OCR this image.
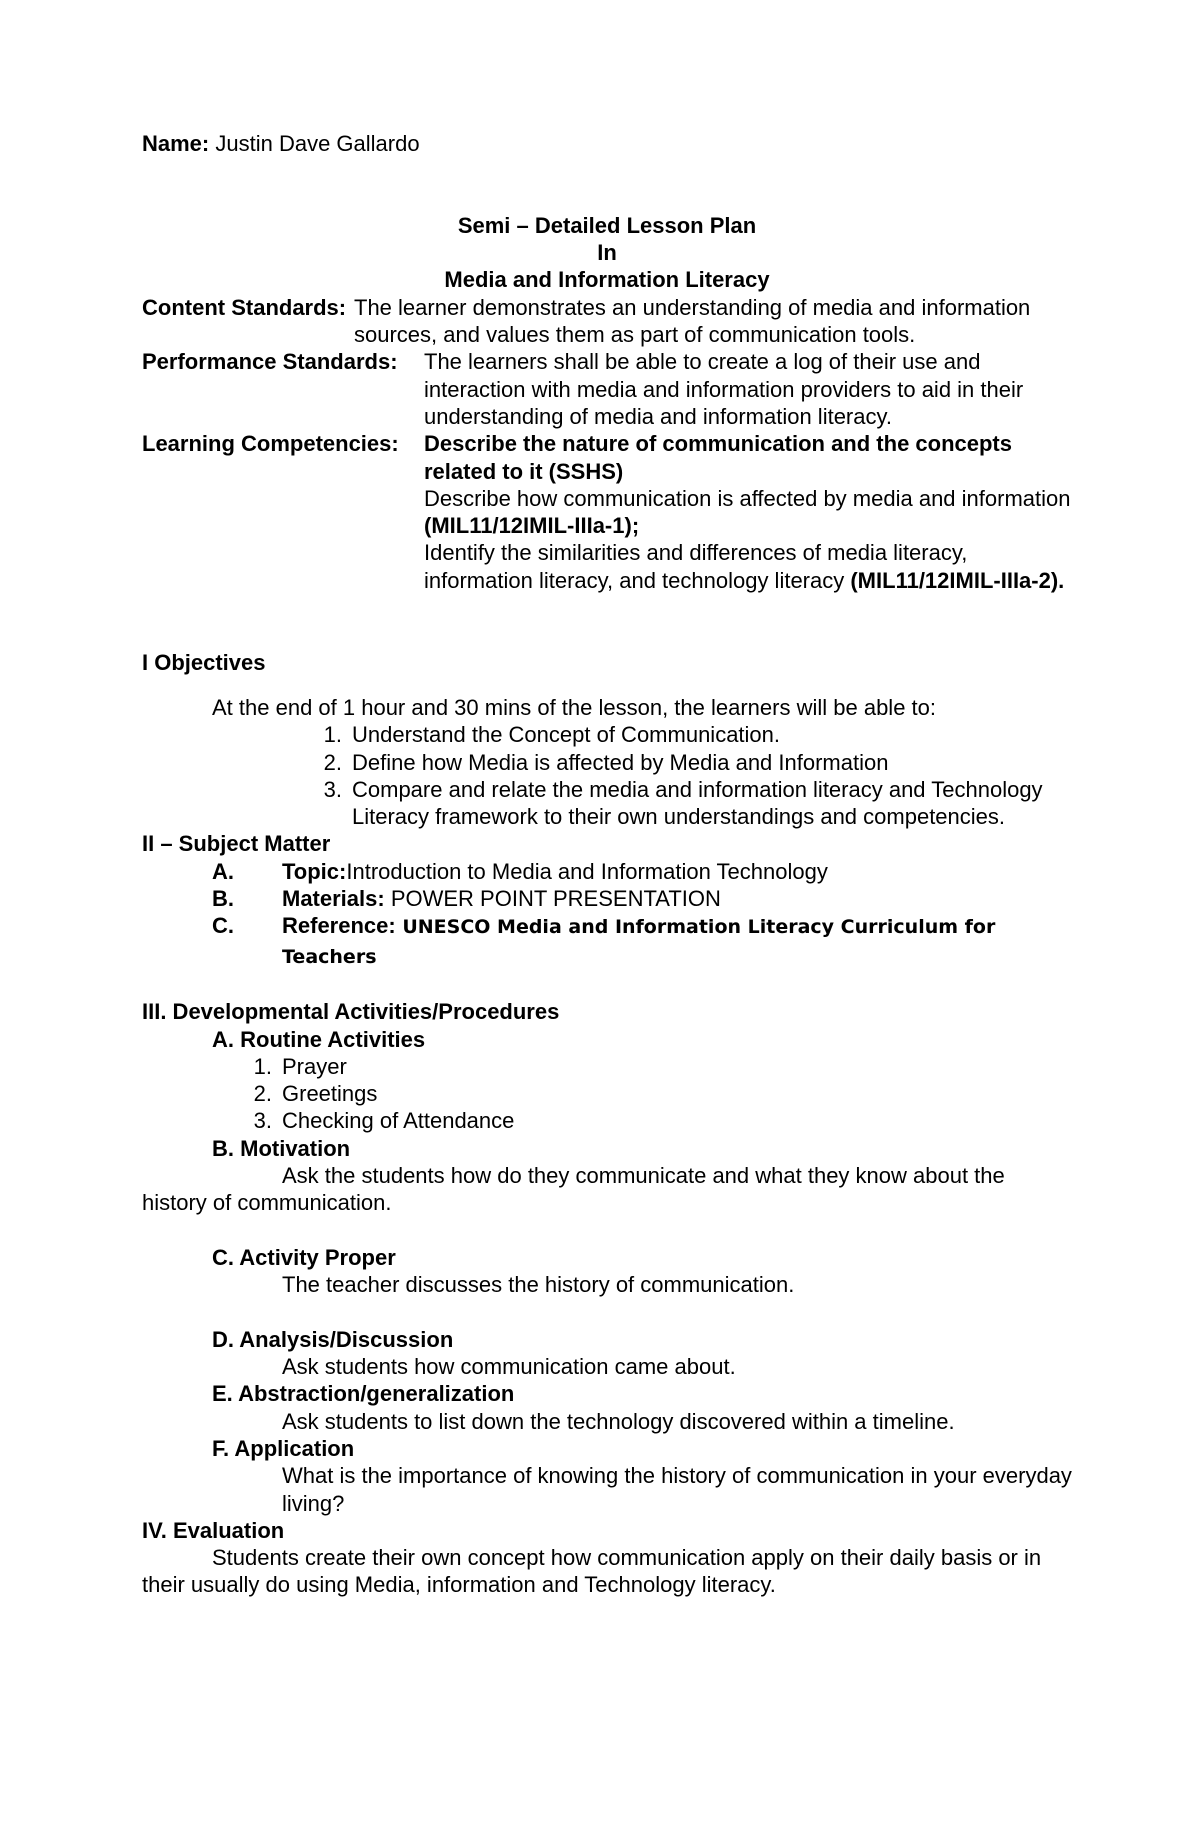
Name: Justin Dave Gallardo
Semi – Detailed Lesson Plan
In
Media and Information Literacy
Content Standards: The learner demonstrates an understanding of media and information sources, and values them as part of communication tools.
Performance Standards:	The learners shall be able to create a log of their use and interaction with media and information providers to aid in their understanding of media and information literacy.
Learning Competencies:	Describe the nature of communication and the concepts related to it (SSHS)
Describe how communication is affected by media and information (MIL11/12IMIL-IIIa-1);
Identify the similarities and differences of media literacy, information literacy, and technology literacy (MIL11/12IMIL-IIIa-2).
I Objectives
At the end of 1 hour and 30 mins of the lesson, the learners will be able to:
1. Understand the Concept of Communication.
2. Define how Media is affected by Media and Information
3. Compare and relate the media and information literacy and Technology Literacy framework to their own understandings and competencies.
II – Subject Matter
A.	Topic:Introduction to Media and Information Technology
B.	Materials: POWER POINT PRESENTATION
C.	Reference: UNESCO Media and Information Literacy Curriculum for Teachers
III. Developmental Activities/Procedures
A. Routine Activities
1. Prayer
2. Greetings
3. Checking of Attendance
B. Motivation
Ask the students how do they communicate and what they know about the history of communication.
C. Activity Proper
The teacher discusses the history of communication.
D. Analysis/Discussion
Ask students how communication came about.
E. Abstraction/generalization
Ask students to list down the technology discovered within a timeline.
F. Application
What is the importance of knowing the history of communication in your everyday living?
IV. Evaluation
Students create their own concept how communication apply on their daily basis or in their usually do using Media, information and Technology literacy.
